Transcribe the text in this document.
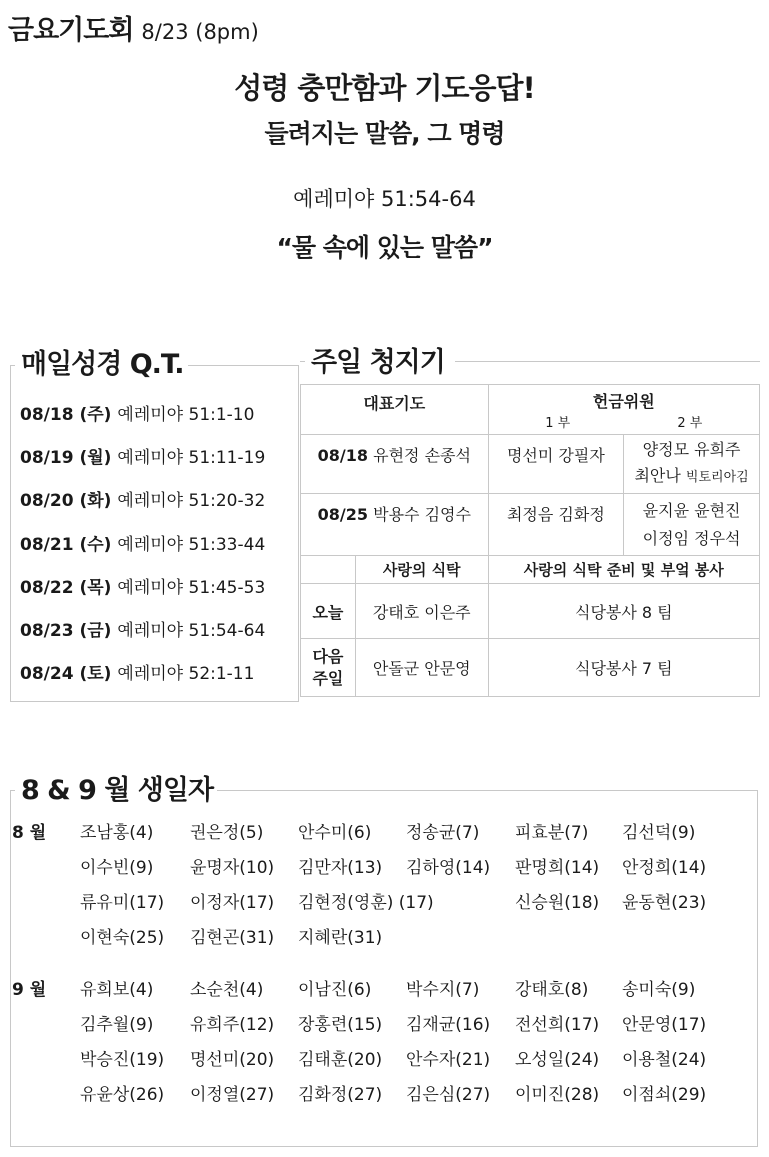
금요기도회 8/23 (8pm)
성령 충만함과 기도응답!
들려지는 말씀, 그 명령
예레미야 51:54-64
“물 속에 있는 말씀”
매일성경 Q.T.
08/18 (주) 예레미야 51:1-10
08/19 (월) 예레미야 51:11-19
08/20 (화) 예레미야 51:20-32
08/21 (수) 예레미야 51:33-44
08/22 (목) 예레미야 51:45-53
08/23 (금) 예레미야 51:54-64
08/24 (토) 예레미야 52:1-11
주일 청지기
대표기도		헌금위원
1 부 2 부	

08/18 유현정 손종석		명선미 강필자	양정모 유희주
최안나 빅토리아김

08/25 박용수 김영수		최정음 김화정	윤지윤 윤현진
이정임 정우석

	사랑의 식탁	사랑의 식탁 준비 및 부엌 봉사	
오늘	강태호 이은주	식당봉사 8 팀	

다음
주일	안돌군 안문영	식당봉사 7 팀	
8 & 9 월 생일자
8 월 조남홍(4) 권은정(5) 안수미(6) 정송균(7) 피효분(7) 김선덕(9)
이수빈(9) 윤명자(10) 김만자(13) 김하영(14) 판명희(14) 안정희(14)
류유미(17) 이정자(17) 김현정(영훈) (17)	신승원(18) 윤동현(23)
이현숙(25) 김현곤(31) 지혜란(31)
9 월 유희보(4) 소순천(4) 이남진(6) 박수지(7) 강태호(8) 송미숙(9)
김추월(9) 유희주(12) 장홍련(15) 김재균(16) 전선희(17) 안문영(17)
박승진(19) 명선미(20) 김태훈(20) 안수자(21) 오성일(24) 이용철(24)
유윤상(26) 이정열(27) 김화정(27) 김은심(27) 이미진(28) 이점쇠(29)
